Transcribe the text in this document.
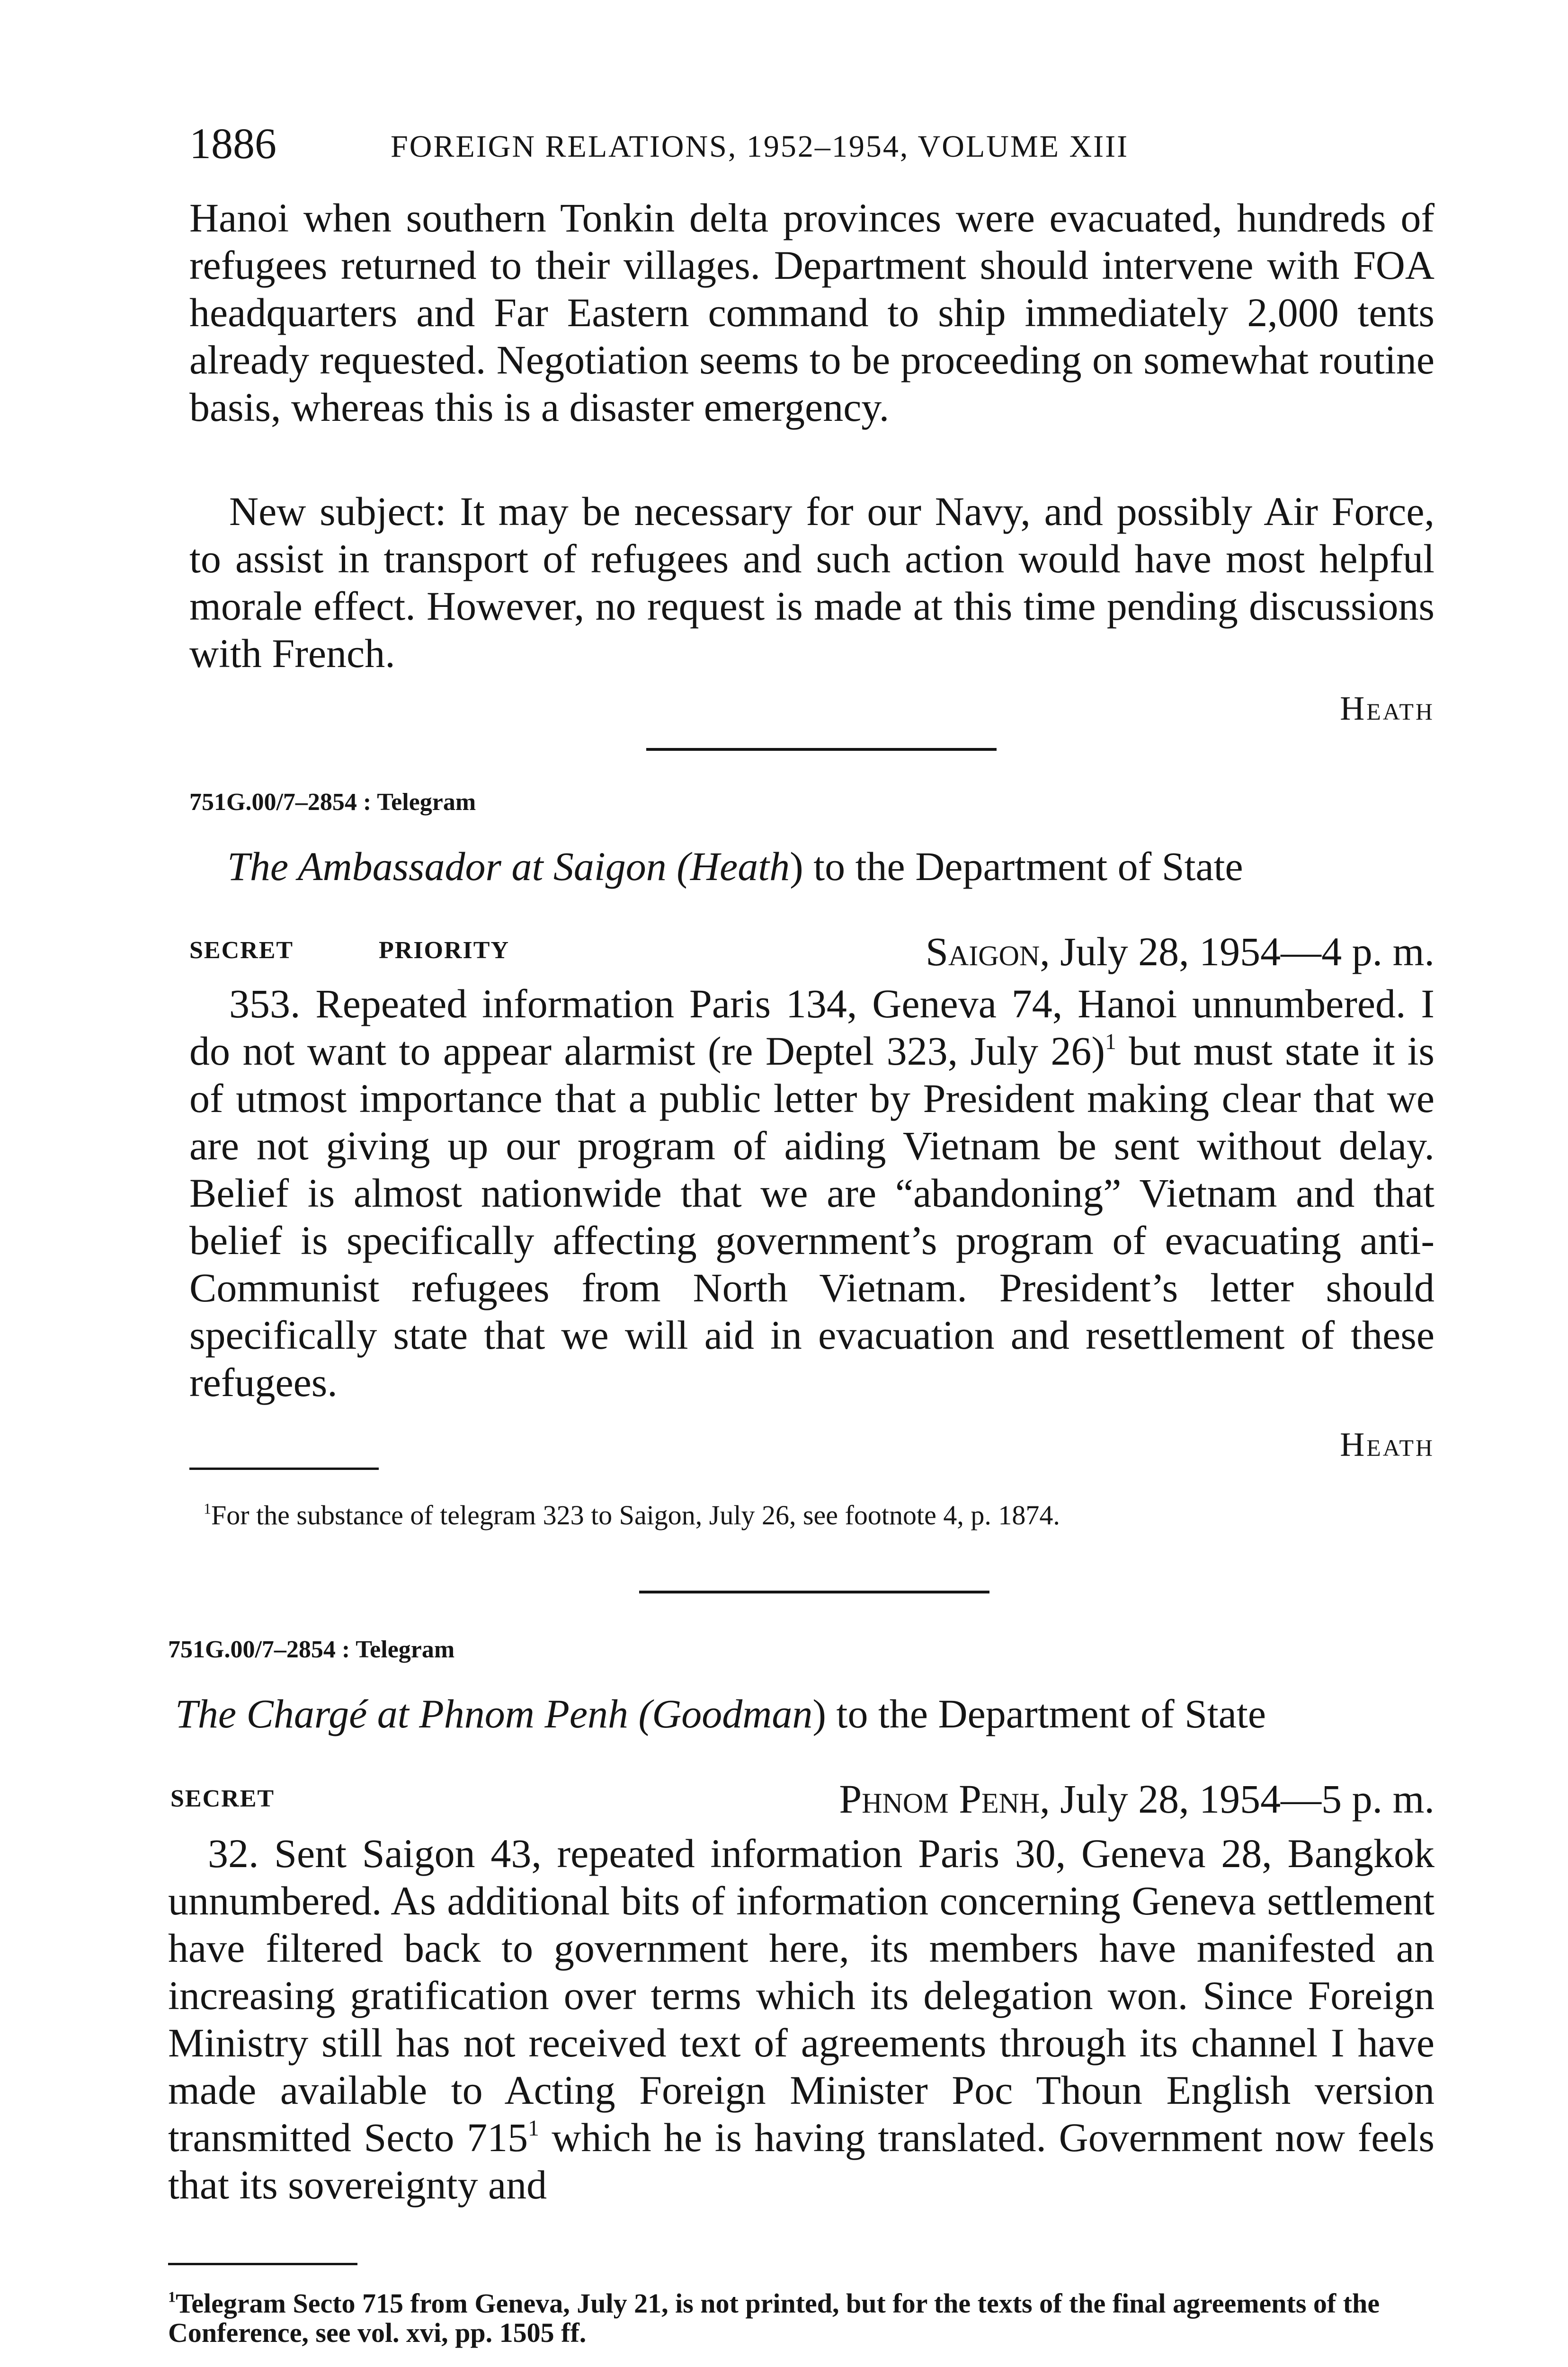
1886	FOREIGN RELATIONS, 1952–1954, VOLUME XIII

Hanoi when southern Tonkin delta provinces were evacuated, hundreds of refugees returned to their villages. Department should intervene with FOA headquarters and Far Eastern command to ship immediately 2,000 tents already requested. Negotiation seems to be proceeding on somewhat routine basis, whereas this is a disaster emergency.

New subject: It may be necessary for our Navy, and possibly Air Force, to assist in transport of refugees and such action would have most helpful morale effect. However, no request is made at this time pending discussions with French.

Heath
751G.00/7–2854 : Telegram
The Ambassador at Saigon (Heath) to the Department of State
SECRET	PRIORITY	Saigon, July 28, 1954—4 p. m.

353. Repeated information Paris 134, Geneva 74, Hanoi unnumbered. I do not want to appear alarmist (re Deptel 323, July 26)$^1$ but must state it is of utmost importance that a public letter by President making clear that we are not giving up our program of aiding Vietnam be sent without delay. Belief is almost nationwide that we are “abandoning” Vietnam and that belief is specifically affecting government’s program of evacuating anti-Communist refugees from North Vietnam. President’s letter should specifically state that we will aid in evacuation and resettlement of these refugees.

Heath

$^1$For the substance of telegram 323 to Saigon, July 26, see footnote 4, p. 1874.

751G.00/7–2854 : Telegram
The Chargé at Phnom Penh (Goodman) to the Department of State
SECRET	Phnom Penh, July 28, 1954—5 p. m.

32. Sent Saigon 43, repeated information Paris 30, Geneva 28, Bangkok unnumbered. As additional bits of information concerning Geneva settlement have filtered back to government here, its members have manifested an increasing gratification over terms which its delegation won. Since Foreign Ministry still has not received text of agreements through its channel I have made available to Acting Foreign Minister Poc Thoun English version transmitted Secto $715^1$ which he is having translated. Government now feels that its sovereignty and

$^1$Telegram Secto 715 from Geneva, July 21, is not printed, but for the texts of the final agreements of the Conference, see vol. xvi, pp. 1505 ff.
